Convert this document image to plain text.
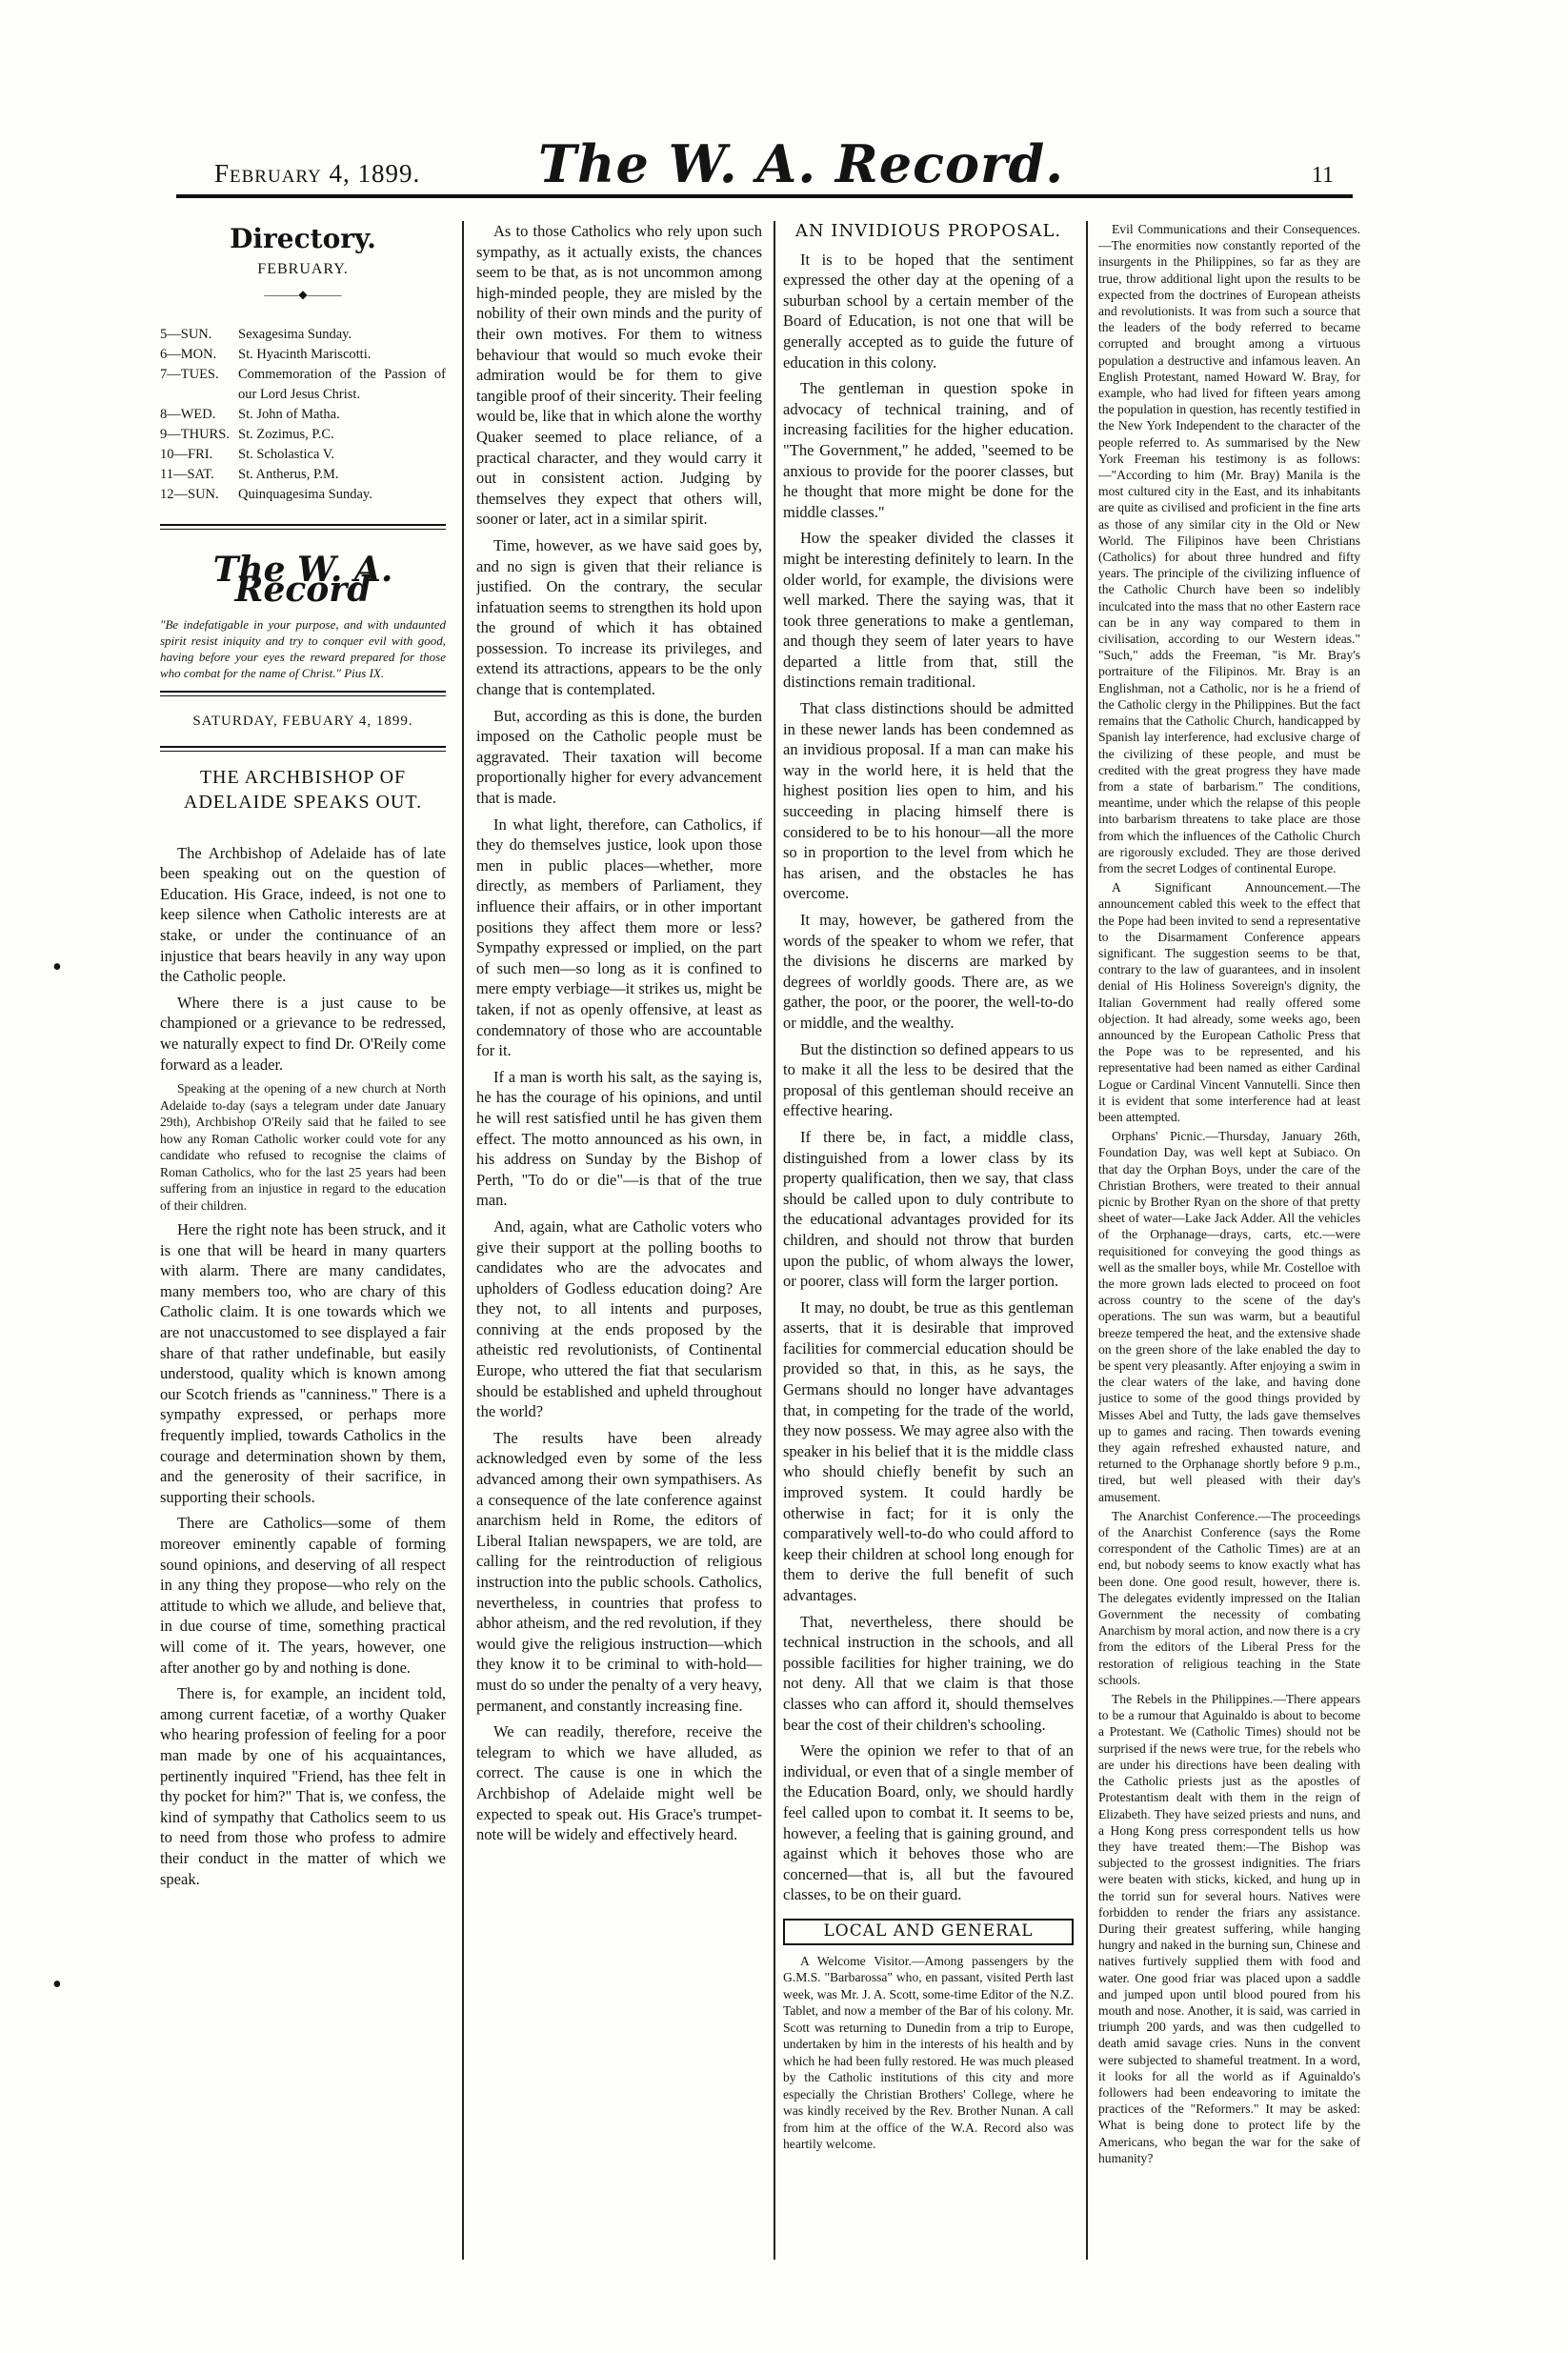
February 4, 1899. The W. A. Record.	11
•
•
Directory.
FEBRUARY.
———◆———
5—SUN.	Sexagesima Sunday.
6—MON.	St. Hyacinth Mariscotti.
7—TUES.	Commemoration of the Passion of our Lord Jesus Christ.
8—WED.	St. John of Matha.
9—THURS. St. Zozimus, P.C.
10—FRI.	St. Scholastica V.
11—SAT.	St. Antherus, P.M.
12—SUN.	Quinquagesima Sunday.
The W. A. Record

"Be indefatigable in your purpose, and with undaunted spirit resist iniquity and try to conquer evil with good, having before your eyes the reward prepared for those who combat for the name of Christ." Pius IX.

SATURDAY, FEBUARY 4, 1899.
THE ARCHBISHOP OF ADELAIDE SPEAKS OUT.

The Archbishop of Adelaide has of late been speaking out on the question of Education. His Grace, indeed, is not one to keep silence when Catholic interests are at stake, or under the continuance of an injustice that bears heavily in any way upon the Catholic people.

Where there is a just cause to be championed or a grievance to be redressed, we naturally expect to find Dr. O'Reily come forward as a leader.

Speaking at the opening of a new church at North Adelaide to-day (says a telegram under date January 29th), Archbishop O'Reily said that he failed to see how any Roman Catholic worker could vote for any candidate who refused to recognise the claims of Roman Catholics, who for the last 25 years had been suffering from an injustice in regard to the education of their children.

Here the right note has been struck, and it is one that will be heard in many quarters with alarm. There are many candidates, many members too, who are chary of this Catholic claim. It is one towards which we are not unaccustomed to see displayed a fair share of that rather undefinable, but easily understood, quality which is known among our Scotch friends as "canniness." There is a sympathy expressed, or perhaps more frequently implied, towards Catholics in the courage and determination shown by them, and the generosity of their sacrifice, in supporting their schools.

There are Catholics—some of them moreover eminently capable of forming sound opinions, and deserving of all respect in any thing they propose—who rely on the attitude to which we allude, and believe that, in due course of time, something practical will come of it. The years, however, one after another go by and nothing is done.

There is, for example, an incident told, among current facetiæ, of a worthy Quaker who hearing profession of feeling for a poor man made by one of his acquaintances, pertinently inquired "Friend, has thee felt in thy pocket for him?" That is, we confess, the kind of sympathy that Catholics seem to us to need from those who profess to admire their conduct in the matter of which we speak.

As to those Catholics who rely upon such sympathy, as it actually exists, the chances seem to be that, as is not uncommon among high-minded people, they are misled by the nobility of their own minds and the purity of their own motives. For them to witness behaviour that would so much evoke their admiration would be for them to give tangible proof of their sincerity. Their feeling would be, like that in which alone the worthy Quaker seemed to place reliance, of a practical character, and they would carry it out in consistent action. Judging by themselves they expect that others will, sooner or later, act in a similar spirit.

Time, however, as we have said goes by, and no sign is given that their reliance is justified. On the contrary, the secular infatuation seems to strengthen its hold upon the ground of which it has obtained possession. To increase its privileges, and extend its attractions, appears to be the only change that is contemplated.

But, according as this is done, the burden imposed on the Catholic people must be aggravated. Their taxation will become proportionally higher for every advancement that is made.

In what light, therefore, can Catholics, if they do themselves justice, look upon those men in public places—whether, more directly, as members of Parliament, they influence their affairs, or in other important positions they affect them more or less? Sympathy expressed or implied, on the part of such men—so long as it is confined to mere empty verbiage—it strikes us, might be taken, if not as openly offensive, at least as condemnatory of those who are accountable for it.

If a man is worth his salt, as the saying is, he has the courage of his opinions, and until he will rest satisfied until he has given them effect. The motto announced as his own, in his address on Sunday by the Bishop of Perth, "To do or die"—is that of the true man.

And, again, what are Catholic voters who give their support at the polling booths to candidates who are the advocates and upholders of Godless education doing? Are they not, to all intents and purposes, conniving at the ends proposed by the atheistic red revolutionists, of Continental Europe, who uttered the fiat that secularism should be established and upheld throughout the world?

The results have been already acknowledged even by some of the less advanced among their own sympathisers. As a consequence of the late conference against anarchism held in Rome, the editors of Liberal Italian newspapers, we are told, are calling for the reintroduction of religious instruction into the public schools. Catholics, nevertheless, in countries that profess to abhor atheism, and the red revolution, if they would give the religious instruction—which they know it to be criminal to with-hold—must do so under the penalty of a very heavy, permanent, and constantly increasing fine.

We can readily, therefore, receive the telegram to which we have alluded, as correct. The cause is one in which the Archbishop of Adelaide might well be expected to speak out. His Grace's trumpet-note will be widely and effectively heard.

AN INVIDIOUS PROPOSAL.

It is to be hoped that the sentiment expressed the other day at the opening of a suburban school by a certain member of the Board of Education, is not one that will be generally accepted as to guide the future of education in this colony.

The gentleman in question spoke in advocacy of technical training, and of increasing facilities for the higher education. "The Government," he added, "seemed to be anxious to provide for the poorer classes, but he thought that more might be done for the middle classes."

How the speaker divided the classes it might be interesting definitely to learn. In the older world, for example, the divisions were well marked. There the saying was, that it took three generations to make a gentleman, and though they seem of later years to have departed a little from that, still the distinctions remain traditional.

That class distinctions should be admitted in these newer lands has been condemned as an invidious proposal. If a man can make his way in the world here, it is held that the highest position lies open to him, and his succeeding in placing himself there is considered to be to his honour—all the more so in proportion to the level from which he has arisen, and the obstacles he has overcome.

It may, however, be gathered from the words of the speaker to whom we refer, that the divisions he discerns are marked by degrees of worldly goods. There are, as we gather, the poor, or the poorer, the well-to-do or middle, and the wealthy.

But the distinction so defined appears to us to make it all the less to be desired that the proposal of this gentleman should receive an effective hearing.

If there be, in fact, a middle class, distinguished from a lower class by its property qualification, then we say, that class should be called upon to duly contribute to the educational advantages provided for its children, and should not throw that burden upon the public, of whom always the lower, or poorer, class will form the larger portion.

It may, no doubt, be true as this gentleman asserts, that it is desirable that improved facilities for commercial education should be provided so that, in this, as he says, the Germans should no longer have advantages that, in competing for the trade of the world, they now possess. We may agree also with the speaker in his belief that it is the middle class who should chiefly benefit by such an improved system. It could hardly be otherwise in fact; for it is only the comparatively well-to-do who could afford to keep their children at school long enough for them to derive the full benefit of such advantages.

That, nevertheless, there should be technical instruction in the schools, and all possible facilities for higher training, we do not deny. All that we claim is that those classes who can afford it, should themselves bear the cost of their children's schooling.

Were the opinion we refer to that of an individual, or even that of a single member of the Education Board, only, we should hardly feel called upon to combat it. It seems to be, however, a feeling that is gaining ground, and against which it behoves those who are concerned—that is, all but the favoured classes, to be on their guard.

LOCAL AND GENERAL

A Welcome Visitor.—Among passengers by the G.M.S. "Barbarossa" who, en passant, visited Perth last week, was Mr. J. A. Scott, some-time Editor of the N.Z. Tablet, and now a member of the Bar of his colony. Mr. Scott was returning to Dunedin from a trip to Europe, undertaken by him in the interests of his health and by which he had been fully restored. He was much pleased by the Catholic institutions of this city and more especially the Christian Brothers' College, where he was kindly received by the Rev. Brother Nunan. A call from him at the office of the W.A. Record also was heartily welcome.

Evil Communications and their Consequences.—The enormities now constantly reported of the insurgents in the Philippines, so far as they are true, throw additional light upon the results to be expected from the doctrines of European atheists and revolutionists. It was from such a source that the leaders of the body referred to became corrupted and brought among a virtuous population a destructive and infamous leaven. An English Protestant, named Howard W. Bray, for example, who had lived for fifteen years among the population in question, has recently testified in the New York Independent to the character of the people referred to. As summarised by the New York Freeman his testimony is as follows:—"According to him (Mr. Bray) Manila is the most cultured city in the East, and its inhabitants are quite as civilised and proficient in the fine arts as those of any similar city in the Old or New World. The Filipinos have been Christians (Catholics) for about three hundred and fifty years. The principle of the civilizing influence of the Catholic Church have been so indelibly inculcated into the mass that no other Eastern race can be in any way compared to them in civilisation, according to our Western ideas." "Such," adds the Freeman, "is Mr. Bray's portraiture of the Filipinos. Mr. Bray is an Englishman, not a Catholic, nor is he a friend of the Catholic clergy in the Philippines. But the fact remains that the Catholic Church, handicapped by Spanish lay interference, had exclusive charge of the civilizing of these people, and must be credited with the great progress they have made from a state of barbarism." The conditions, meantime, under which the relapse of this people into barbarism threatens to take place are those from which the influences of the Catholic Church are rigorously excluded. They are those derived from the secret Lodges of continental Europe.

A Significant Announcement.—The announcement cabled this week to the effect that the Pope had been invited to send a representative to the Disarmament Conference appears significant. The suggestion seems to be that, contrary to the law of guarantees, and in insolent denial of His Holiness Sovereign's dignity, the Italian Government had really offered some objection. It had already, some weeks ago, been announced by the European Catholic Press that the Pope was to be represented, and his representative had been named as either Cardinal Logue or Cardinal Vincent Vannutelli. Since then it is evident that some interference had at least been attempted.

Orphans' Picnic.—Thursday, January 26th, Foundation Day, was well kept at Subiaco. On that day the Orphan Boys, under the care of the Christian Brothers, were treated to their annual picnic by Brother Ryan on the shore of that pretty sheet of water—Lake Jack Adder. All the vehicles of the Orphanage—drays, carts, etc.—were requisitioned for conveying the good things as well as the smaller boys, while Mr. Costelloe with the more grown lads elected to proceed on foot across country to the scene of the day's operations. The sun was warm, but a beautiful breeze tempered the heat, and the extensive shade on the green shore of the lake enabled the day to be spent very pleasantly. After enjoying a swim in the clear waters of the lake, and having done justice to some of the good things provided by Misses Abel and Tutty, the lads gave themselves up to games and racing. Then towards evening they again refreshed exhausted nature, and returned to the Orphanage shortly before 9 p.m., tired, but well pleased with their day's amusement.

The Anarchist Conference.—The proceedings of the Anarchist Conference (says the Rome correspondent of the Catholic Times) are at an end, but nobody seems to know exactly what has been done. One good result, however, there is. The delegates evidently impressed on the Italian Government the necessity of combating Anarchism by moral action, and now there is a cry from the editors of the Liberal Press for the restoration of religious teaching in the State schools.

The Rebels in the Philippines.—There appears to be a rumour that Aguinaldo is about to become a Protestant. We (Catholic Times) should not be surprised if the news were true, for the rebels who are under his directions have been dealing with the Catholic priests just as the apostles of Protestantism dealt with them in the reign of Elizabeth. They have seized priests and nuns, and a Hong Kong press correspondent tells us how they have treated them:—The Bishop was subjected to the grossest indignities. The friars were beaten with sticks, kicked, and hung up in the torrid sun for several hours. Natives were forbidden to render the friars any assistance. During their greatest suffering, while hanging hungry and naked in the burning sun, Chinese and natives furtively supplied them with food and water. One good friar was placed upon a saddle and jumped upon until blood poured from his mouth and nose. Another, it is said, was carried in triumph 200 yards, and was then cudgelled to death amid savage cries. Nuns in the convent were subjected to shameful treatment. In a word, it looks for all the world as if Aguinaldo's followers had been endeavoring to imitate the practices of the "Reformers." It may be asked: What is being done to protect life by the Americans, who began the war for the sake of humanity?
